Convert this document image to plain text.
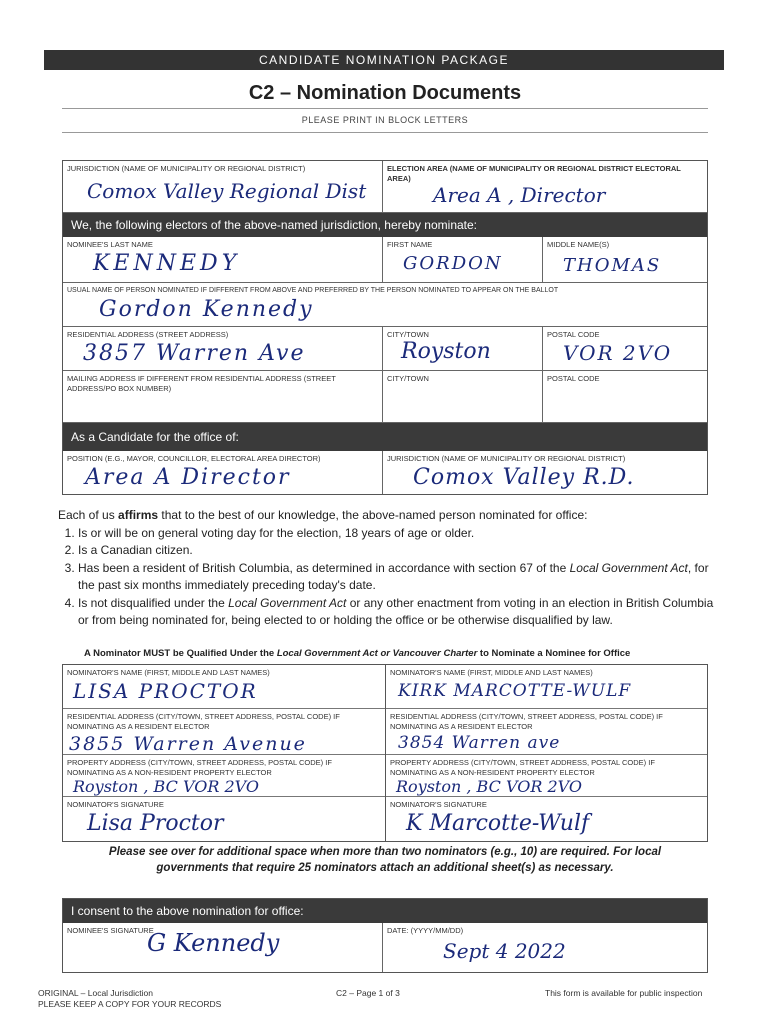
CANDIDATE NOMINATION PACKAGE
C2 – Nomination Documents
PLEASE PRINT IN BLOCK LETTERS
JURISDICTION (NAME OF MUNICIPALITY OR REGIONAL DISTRICT)
Comox Valley Regional Dist
ELECTION AREA (NAME OF MUNICIPALITY OR REGIONAL DISTRICT ELECTORAL AREA)
Area A , Director
We, the following electors of the above-named jurisdiction, hereby nominate:
NOMINEE'S LAST NAME
KENNEDY
FIRST NAME
GORDON
MIDDLE NAME(S)
THOMAS
USUAL NAME OF PERSON NOMINATED IF DIFFERENT FROM ABOVE AND PREFERRED BY THE PERSON NOMINATED TO APPEAR ON THE BALLOT
Gordon Kennedy
RESIDENTIAL ADDRESS (STREET ADDRESS)
3857 Warren Ave
CITY/TOWN
Royston
POSTAL CODE
VOR 2VO
MAILING ADDRESS IF DIFFERENT FROM RESIDENTIAL ADDRESS (STREET ADDRESS/PO BOX NUMBER)
CITY/TOWN	POSTAL CODE
As a Candidate for the office of:
POSITION (E.G., MAYOR, COUNCILLOR, ELECTORAL AREA DIRECTOR)
Area A Director
JURISDICTION (NAME OF MUNICIPALITY OR REGIONAL DISTRICT)
Comox Valley R.D.
Each of us affirms that to the best of our knowledge, the above-named person nominated for office:
1. Is or will be on general voting day for the election, 18 years of age or older.
2. Is a Canadian citizen.
3. Has been a resident of British Columbia, as determined in accordance with section 67 of the Local Government Act, for the past six months immediately preceding today's date.
4. Is not disqualified under the Local Government Act or any other enactment from voting in an election in British Columbia or from being nominated for, being elected to or holding the office or be otherwise disqualified by law.
A Nominator MUST be Qualified Under the Local Government Act or Vancouver Charter to Nominate a Nominee for Office
NOMINATOR'S NAME (FIRST, MIDDLE AND LAST NAMES)
LISA PROCTOR
RESIDENTIAL ADDRESS (CITY/TOWN, STREET ADDRESS, POSTAL CODE) IF NOMINATING AS A RESIDENT ELECTOR
3855 Warren Avenue
PROPERTY ADDRESS (CITY/TOWN, STREET ADDRESS, POSTAL CODE) IF NOMINATING AS A NON-RESIDENT PROPERTY ELECTOR
Royston , BC VOR 2VO
NOMINATOR'S SIGNATURE
Lisa Proctor
NOMINATOR'S NAME (FIRST, MIDDLE AND LAST NAMES)
KIRK MARCOTTE-WULF
RESIDENTIAL ADDRESS (CITY/TOWN, STREET ADDRESS, POSTAL CODE) IF NOMINATING AS A RESIDENT ELECTOR
3854 Warren ave
PROPERTY ADDRESS (CITY/TOWN, STREET ADDRESS, POSTAL CODE) IF NOMINATING AS A NON-RESIDENT PROPERTY ELECTOR
Royston , BC VOR 2VO
NOMINATOR'S SIGNATURE
K Marcotte-Wulf
Please see over for additional space when more than two nominators (e.g., 10) are required. For local governments that require 25 nominators attach an additional sheet(s) as necessary.
I consent to the above nomination for office:
NOMINEE'S SIGNATURE
G Kennedy	DATE: (YYYY/MM/DD)
Sept 4 2022
ORIGINAL – Local Jurisdiction
PLEASE KEEP A COPY FOR YOUR RECORDS
C2 – Page 1 of 3	This form is available for public inspection
